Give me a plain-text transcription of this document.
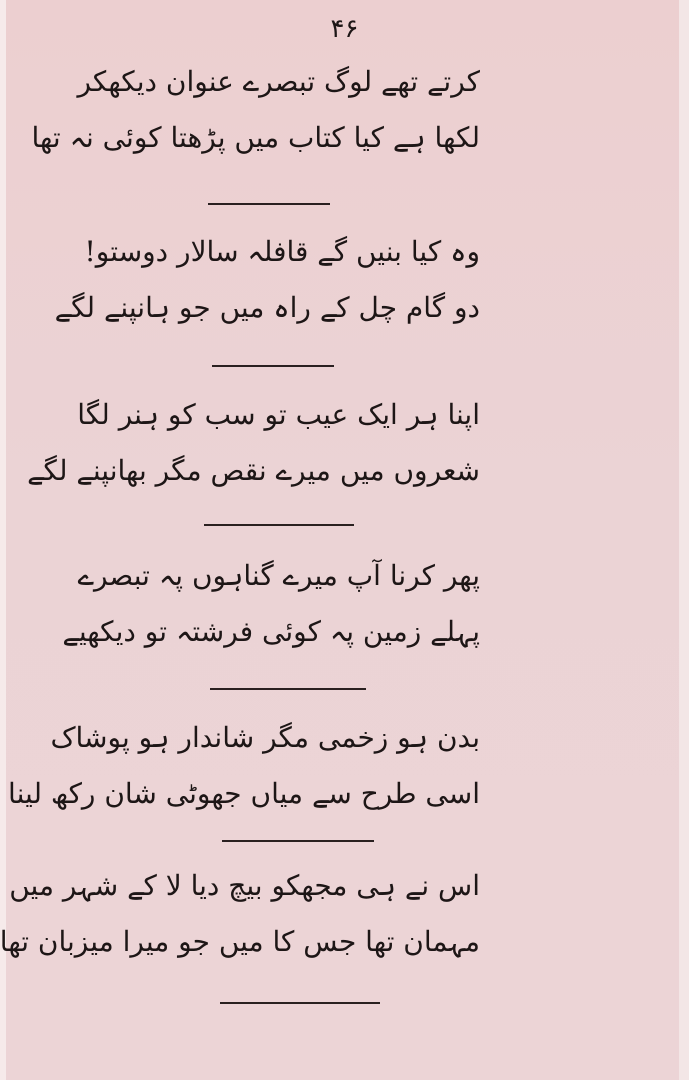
۴۶
کرتے تھے لوگ تبصرے عنوان دیکھکر
لکھا ہے کیا کتاب میں پڑھتا کوئی نہ تھا
وہ کیا بنیں گے قافلہ سالار دوستو!
دو گام چل کے راہ میں جو ہانپنے لگے
اپنا ہر ایک عیب تو سب کو ہنر لگا
شعروں میں میرے نقص مگر بھانپنے لگے
پھر کرنا آپ میرے گناہوں پہ تبصرے
پہلے زمین پہ کوئی فرشتہ تو دیکھیے
بدن ہو زخمی مگر شاندار ہو پوشاک
اسی طرح سے میاں جھوٹی شان رکھ لینا
اس نے ہی مجھکو بیچ دیا لا کے شہر میں
مہمان تھا جس کا میں جو میرا میزبان تھا
